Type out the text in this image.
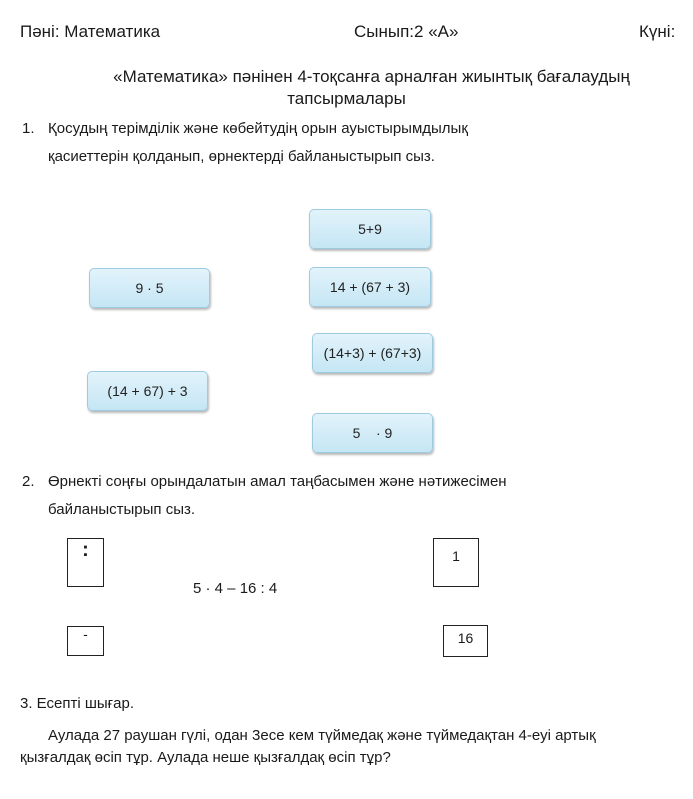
Пәні: Математика	Сынып:2 «А»	Күні:
«Математика» пәнінен 4-тоқсанға арналған жиынтық бағалаудың
тапсырмалары
1. Қосудың терімділік және көбейтудің орын ауыстырымдылық
қасиеттерін қолданып, өрнектерді байланыстырып сыз.
5+9
9 · 5	14 + (67 + 3)
(14+3) + (67+3)
(14 + 67) + 3
5    · 9
2. Өрнекті соңғы орындалатын амал таңбасымен және нәтижесімен
байланыстырып сыз.
:
-
5 · 4 – 16 : 4
1
16
3. Есепті шығар.
Аулада 27 раушан гүлі, одан 3есе кем түймедақ және түймедақтан 4-еуі артық
қызғалдақ өсіп тұр. Аулада неше қызғалдақ өсіп тұр?
